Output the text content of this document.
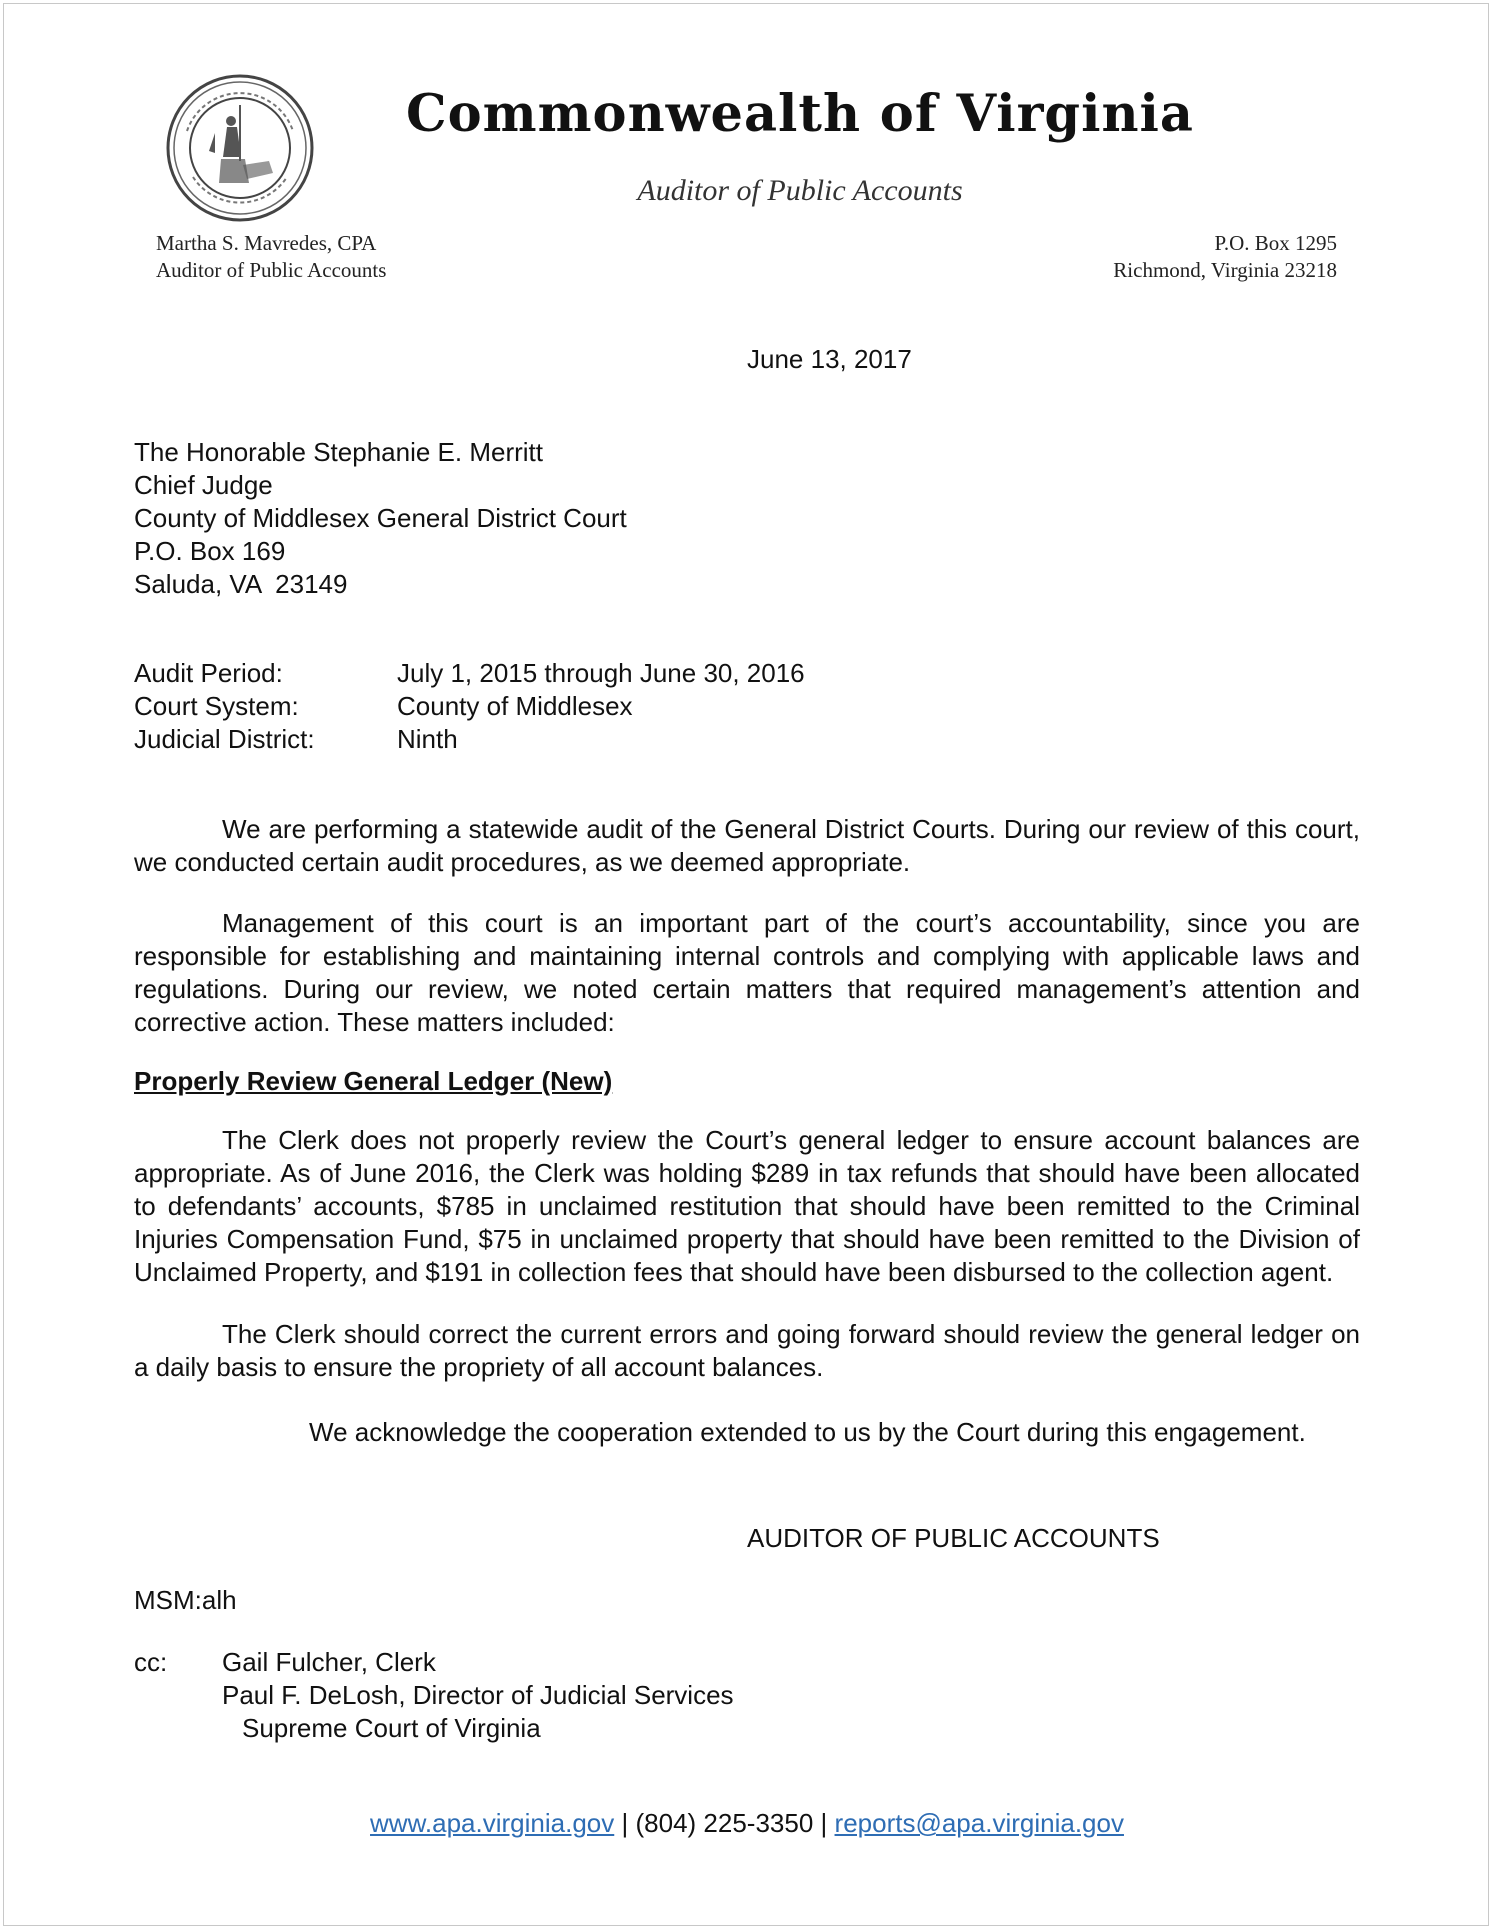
Commonwealth of Virginia
Auditor of Public Accounts
Martha S. Mavredes, CPA
Auditor of Public Accounts
P.O. Box 1295
Richmond, Virginia 23218
June 13, 2017
The Honorable Stephanie E. Merritt
Chief Judge
County of Middlesex General District Court
P.O. Box 169
Saluda, VA  23149
Audit Period:	July 1, 2015 through June 30, 2016
Court System:	County of Middlesex
Judicial District:	Ninth

We are performing a statewide audit of the General District Courts. During our review of this court, we conducted certain audit procedures, as we deemed appropriate.

Management of this court is an important part of the court’s accountability, since you are responsible for establishing and maintaining internal controls and complying with applicable laws and regulations. During our review, we noted certain matters that required management’s attention and corrective action. These matters included:

Properly Review General Ledger (New)

The Clerk does not properly review the Court’s general ledger to ensure account balances are appropriate. As of June 2016, the Clerk was holding $289 in tax refunds that should have been allocated to defendants’ accounts, $785 in unclaimed restitution that should have been remitted to the Criminal Injuries Compensation Fund, $75 in unclaimed property that should have been remitted to the Division of Unclaimed Property, and $191 in collection fees that should have been disbursed to the collection agent.

The Clerk should correct the current errors and going forward should review the general ledger on a daily basis to ensure the propriety of all account balances.

We acknowledge the cooperation extended to us by the Court during this engagement.
AUDITOR OF PUBLIC ACCOUNTS
MSM:alh
cc:	Gail Fulcher, Clerk
Paul F. DeLosh, Director of Judicial Services
Supreme Court of Virginia
www.apa.virginia.gov | (804) 225-3350 | reports@apa.virginia.gov
